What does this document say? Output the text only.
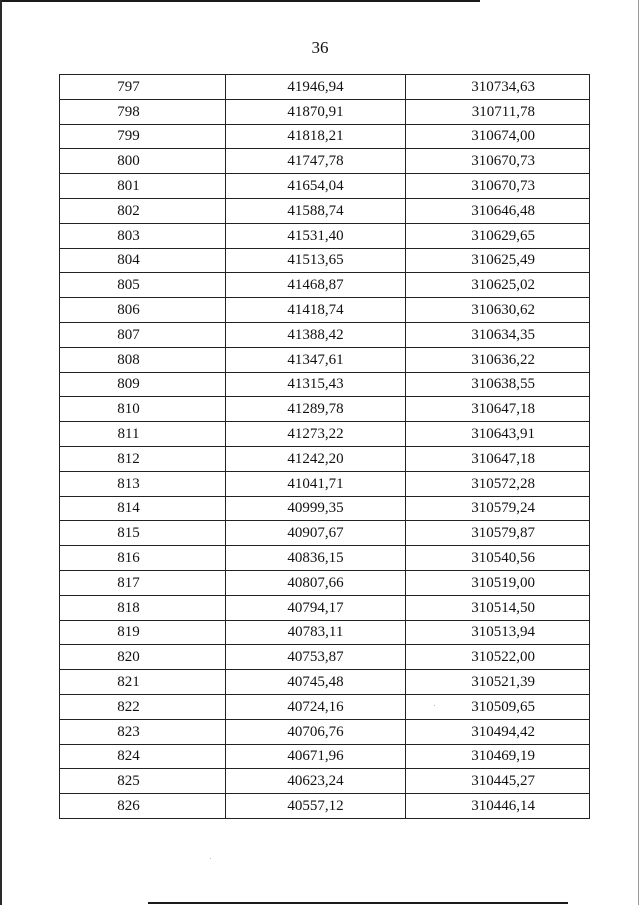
36
797	41946,94	310734,63
798	41870,91	310711,78
799	41818,21	310674,00
800	41747,78	310670,73
801	41654,04	310670,73
802	41588,74	310646,48
803	41531,40	310629,65
804	41513,65	310625,49
805	41468,87	310625,02
806	41418,74	310630,62
807	41388,42	310634,35
808	41347,61	310636,22
809	41315,43	310638,55
810	41289,78	310647,18
811	41273,22	310643,91
812	41242,20	310647,18
813	41041,71	310572,28
814	40999,35	310579,24
815	40907,67	310579,87
816	40836,15	310540,56
817	40807,66	310519,00
818	40794,17	310514,50
819	40783,11	310513,94
820	40753,87	310522,00
821	40745,48	310521,39
822	40724,16	310509,65
823	40706,76	310494,42
824	40671,96	310469,19
825	40623,24	310445,27
826	40557,12	310446,14
